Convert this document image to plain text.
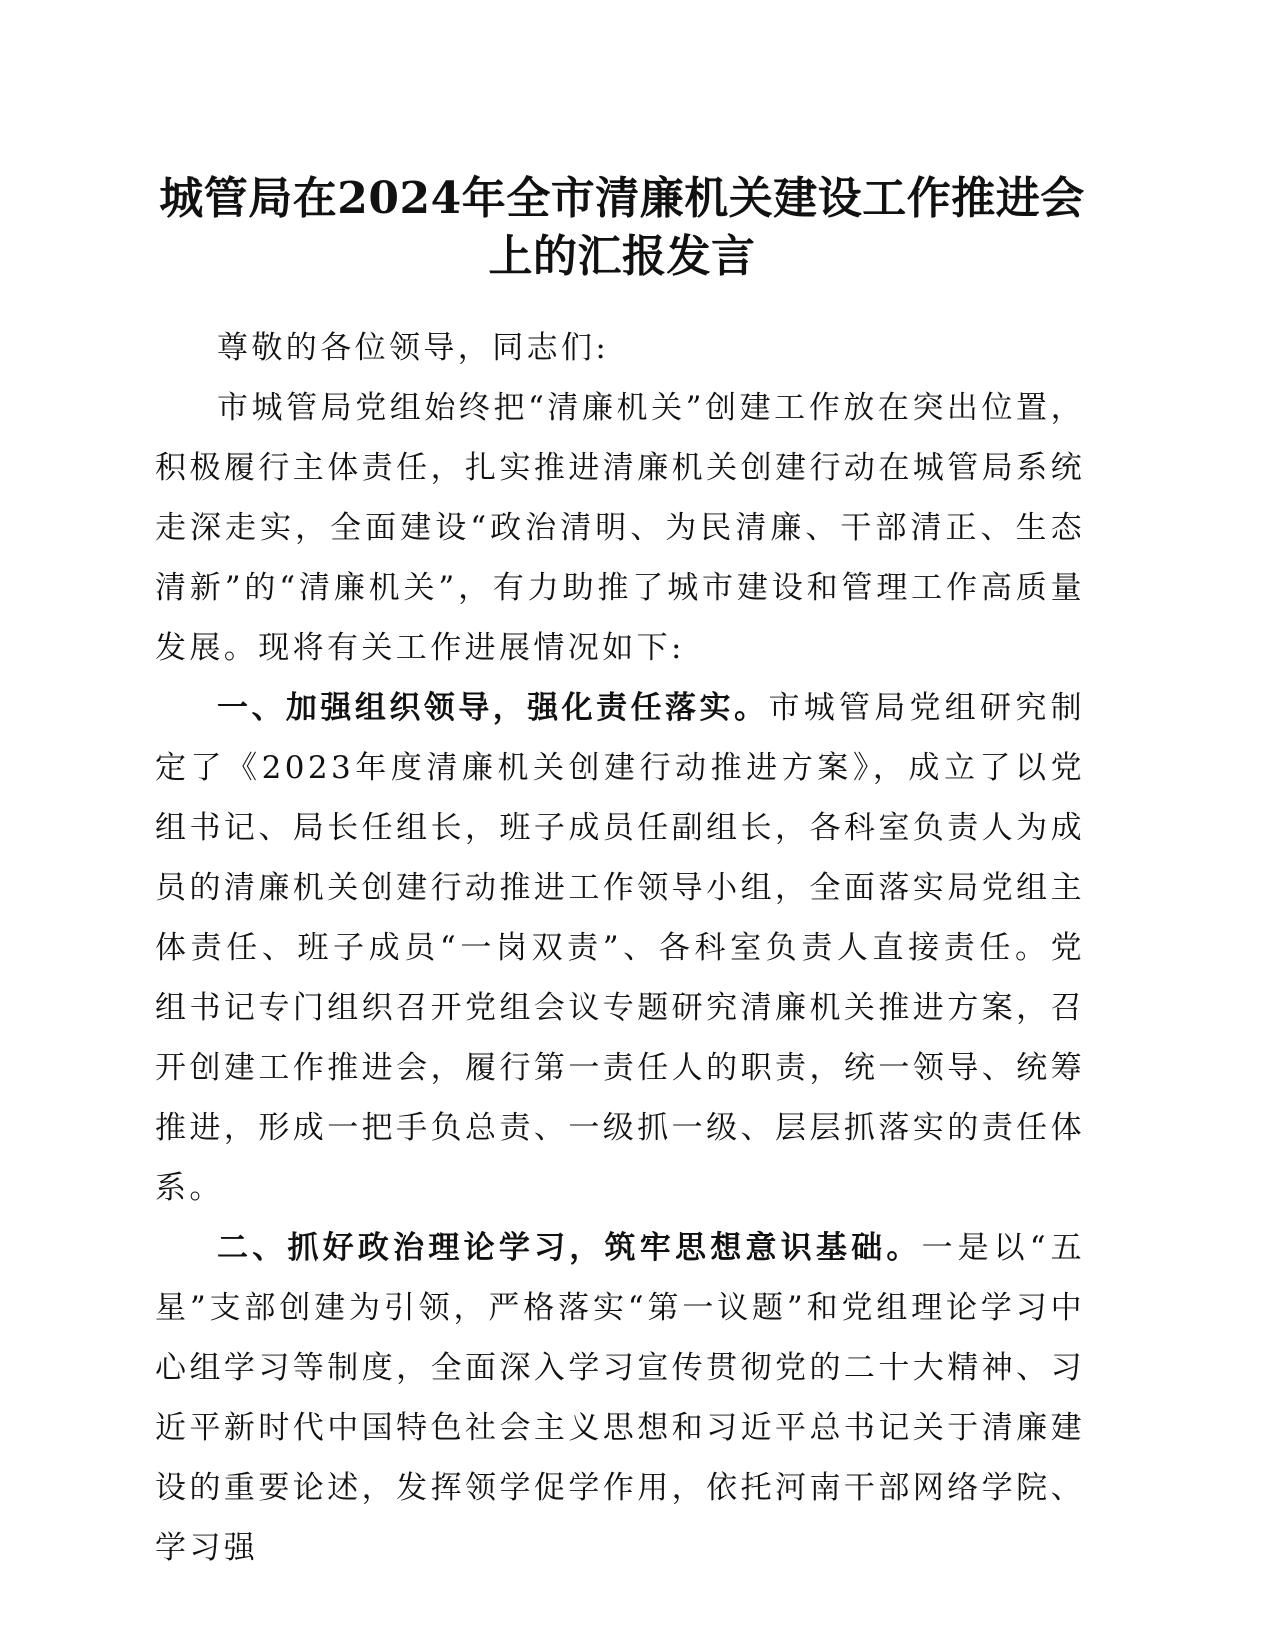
城管局在2024年全市清廉机关建设工作推进会
上的汇报发言

尊敬的各位领导，同志们:

市城管局党组始终把“清廉机关”创建工作放在突出位置，积极履行主体责任，扎实推进清廉机关创建行动在城管局系统走深走实，全面建设“政治清明、为民清廉、干部清正、生态清新”的“清廉机关”，有力助推了城市建设和管理工作高质量发展。现将有关工作进展情况如下:

一、加强组织领导，强化责任落实。市城管局党组研究制定了《2023年度清廉机关创建行动推进方案》，成立了以党组书记、局长任组长，班子成员任副组长，各科室负责人为成员的清廉机关创建行动推进工作领导小组，全面落实局党组主体责任、班子成员“一岗双责”、各科室负责人直接责任。党组书记专门组织召开党组会议专题研究清廉机关推进方案，召开创建工作推进会，履行第一责任人的职责，统一领导、统筹推进，形成一把手负总责、一级抓一级、层层抓落实的责任体系。

二、抓好政治理论学习，筑牢思想意识基础。一是以“五星”支部创建为引领，严格落实“第一议题”和党组理论学习中心组学习等制度，全面深入学习宣传贯彻党的二十大精神、习近平新时代中国特色社会主义思想和习近平总书记关于清廉建设的重要论述，发挥领学促学作用，依托河南干部网络学院、学习强
